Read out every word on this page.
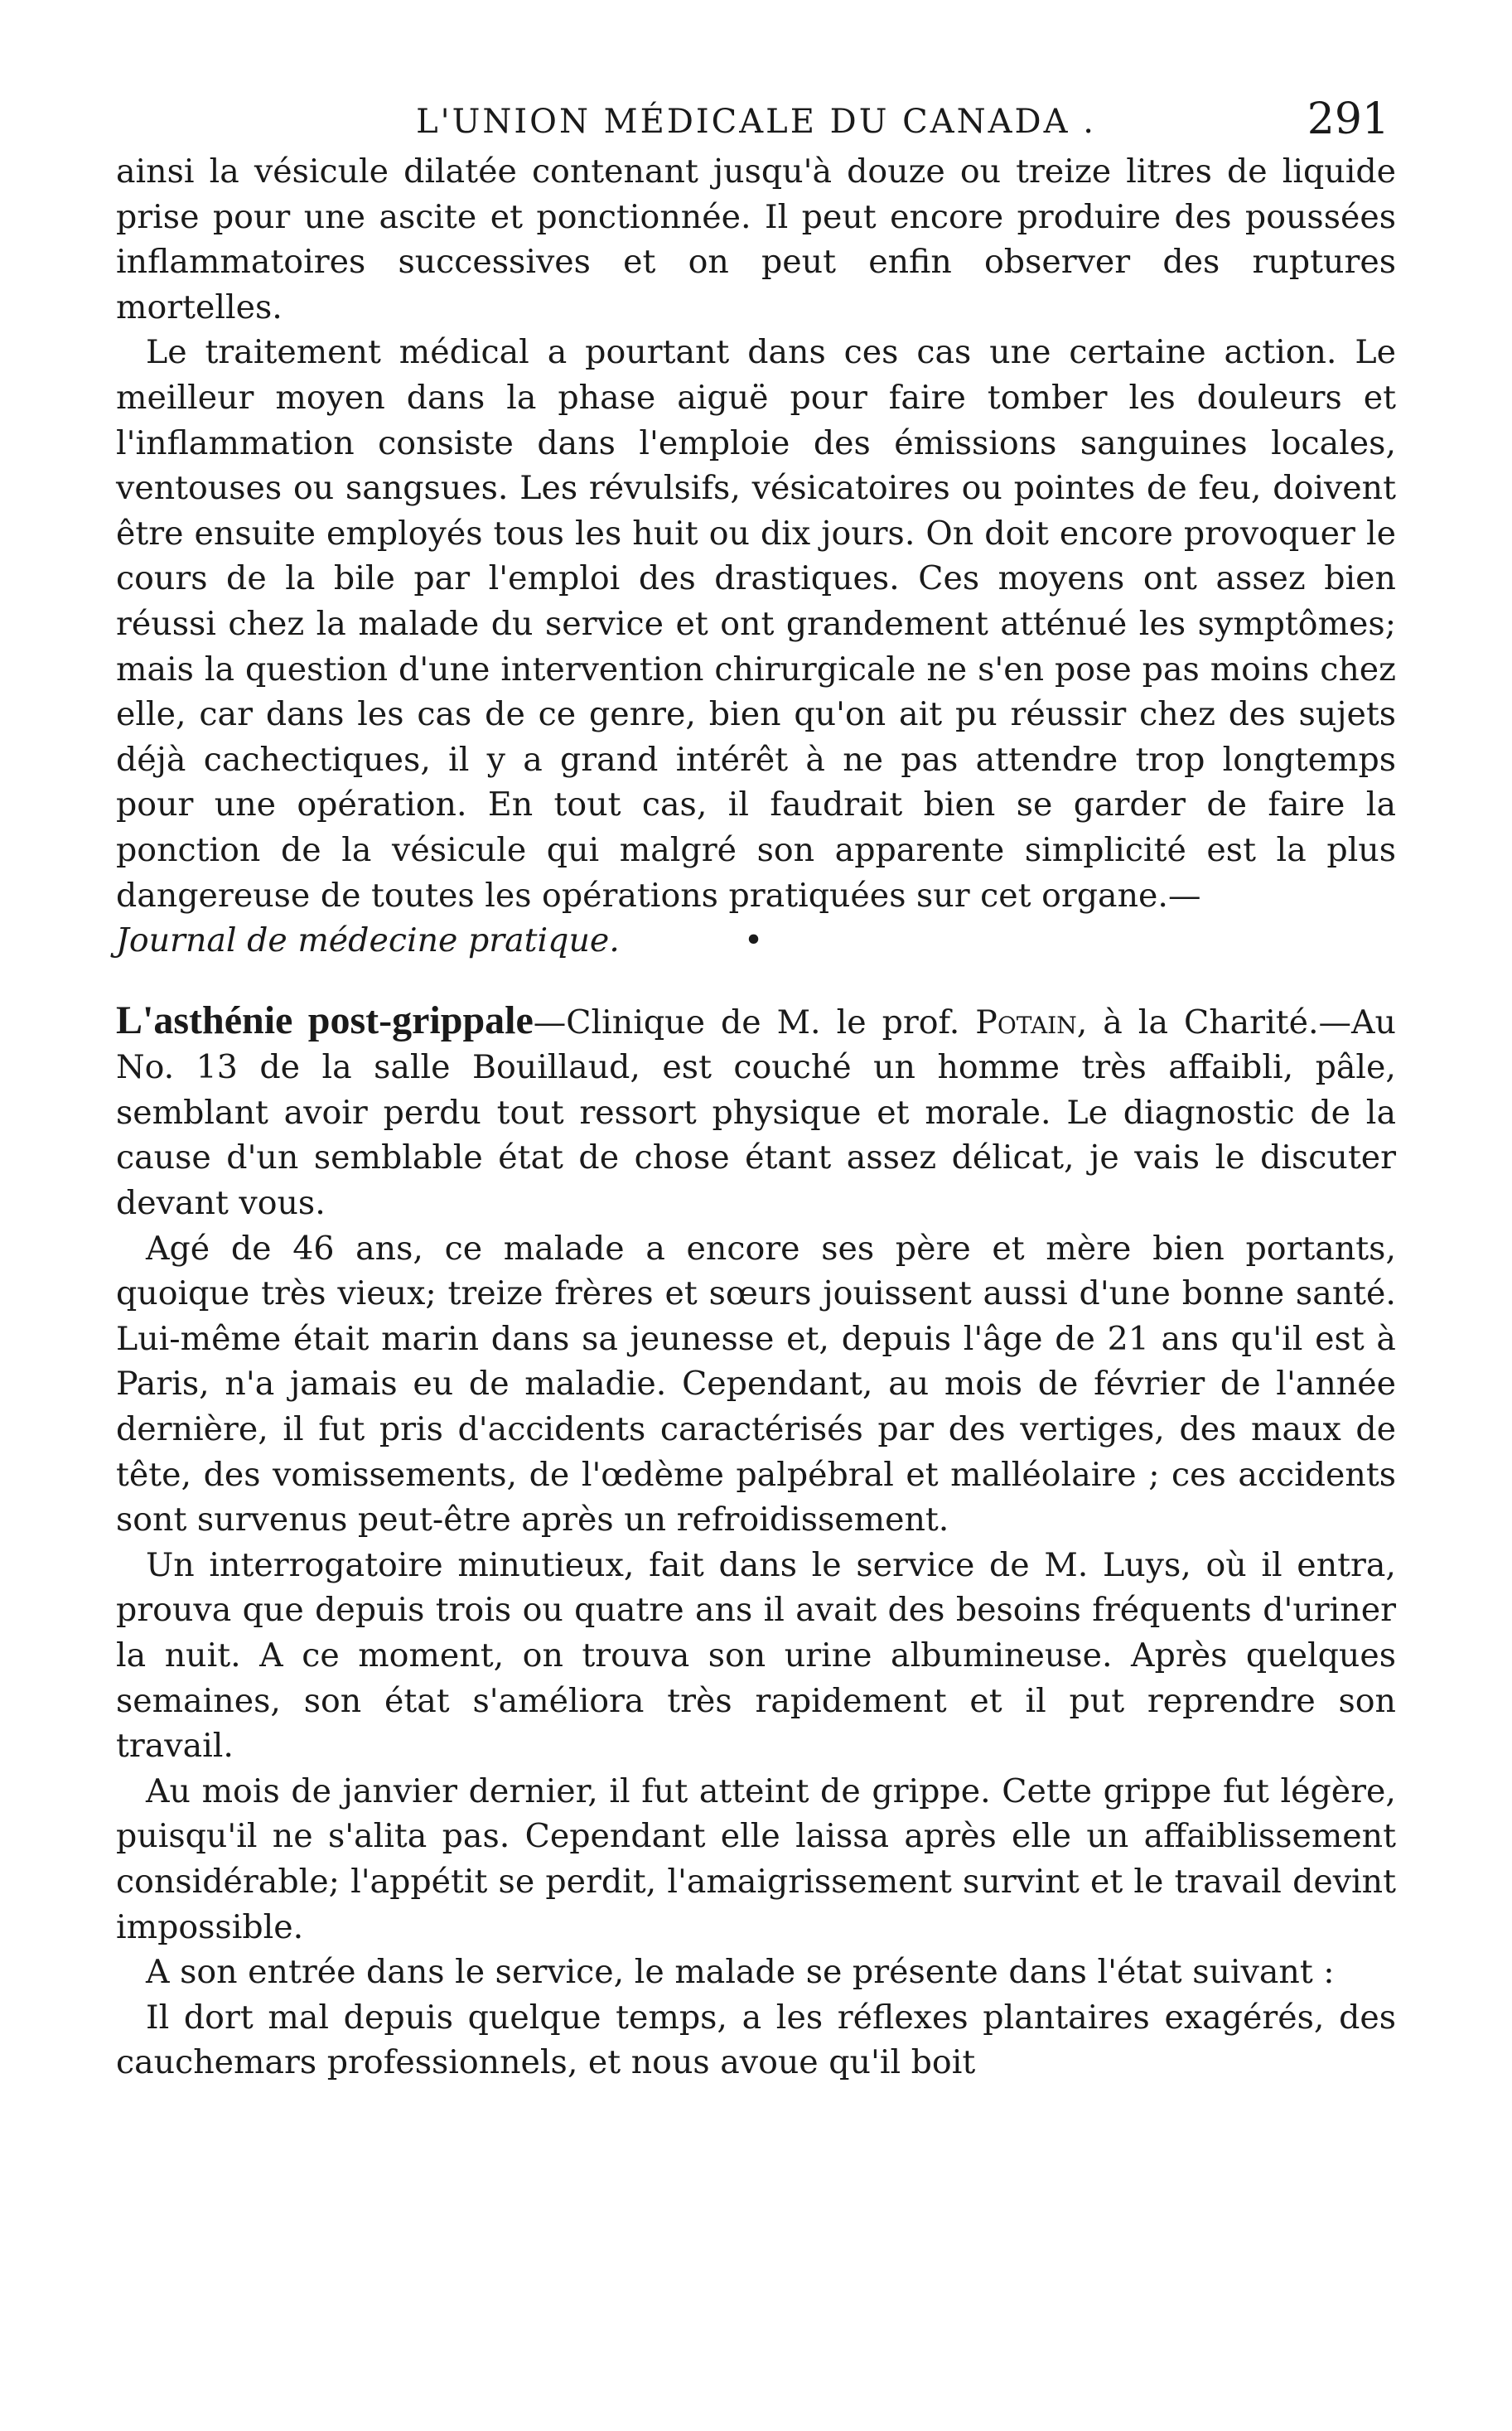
L'UNION MÉDICALE DU CANADA .	291

ainsi la vésicule dilatée contenant jusqu'à douze ou treize litres de liquide prise pour une ascite et ponctionnée. Il peut encore produire des poussées inflammatoires successives et on peut enfin observer des ruptures mortelles.

Le traitement médical a pourtant dans ces cas une certaine action. Le meilleur moyen dans la phase aiguë pour faire tomber les douleurs et l'inflammation consiste dans l'emploie des émissions sanguines locales, ventouses ou sangsues. Les révulsifs, vésicatoires ou pointes de feu, doivent être ensuite employés tous les huit ou dix jours. On doit encore provoquer le cours de la bile par l'emploi des drastiques. Ces moyens ont assez bien réussi chez la malade du service et ont grandement atténué les symptômes; mais la question d'une intervention chirurgicale ne s'en pose pas moins chez elle, car dans les cas de ce genre, bien qu'on ait pu réussir chez des sujets déjà cachectiques, il y a grand intérêt à ne pas attendre trop longtemps pour une opération. En tout cas, il faudrait bien se garder de faire la ponction de la vésicule qui malgré son apparente simplicité est la plus dangereuse de toutes les opérations pratiquées sur cet organe.—

Journal de médecine pratique.	•

L'asthénie post-grippale—Clinique de M. le prof. Potain, à la Charité.—Au No. 13 de la salle Bouillaud, est couché un homme très affaibli, pâle, semblant avoir perdu tout ressort physique et morale. Le diagnostic de la cause d'un semblable état de chose étant assez délicat, je vais le discuter devant vous.

Agé de 46 ans, ce malade a encore ses père et mère bien portants, quoique très vieux; treize frères et sœurs jouissent aussi d'une bonne santé. Lui-même était marin dans sa jeunesse et, depuis l'âge de 21 ans qu'il est à Paris, n'a jamais eu de maladie. Cependant, au mois de février de l'année dernière, il fut pris d'accidents caractérisés par des vertiges, des maux de tête, des vomissements, de l'œdème palpébral et malléolaire ; ces accidents sont survenus peut-être après un refroidissement.

Un interrogatoire minutieux, fait dans le service de M. Luys, où il entra, prouva que depuis trois ou quatre ans il avait des besoins fréquents d'uriner la nuit. A ce moment, on trouva son urine albumineuse. Après quelques semaines, son état s'améliora très rapidement et il put reprendre son travail.

Au mois de janvier dernier, il fut atteint de grippe. Cette grippe fut légère, puisqu'il ne s'alita pas. Cependant elle laissa après elle un affaiblissement considérable; l'appétit se perdit, l'amaigrissement survint et le travail devint impossible.

A son entrée dans le service, le malade se présente dans l'état suivant :

Il dort mal depuis quelque temps, a les réflexes plantaires exagérés, des cauchemars professionnels, et nous avoue qu'il boit
